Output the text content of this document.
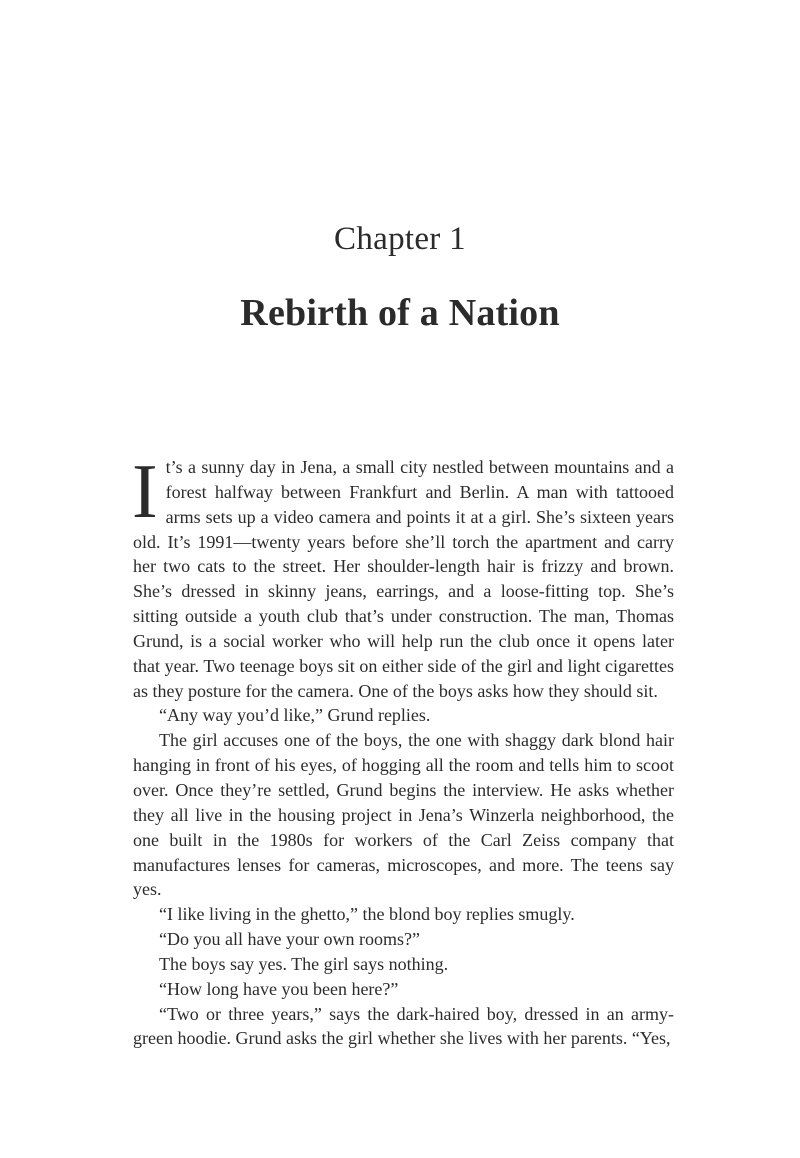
Chapter 1
Rebirth of a Nation

It’s a sunny day in Jena, a small city nestled between mountains and a forest halfway between Frankfurt and Berlin. A man with tattooed arms sets up a video camera and points it at a girl. She’s sixteen years old. It’s 1991—twenty years before she’ll torch the apartment and carry her two cats to the street. Her shoulder-length hair is frizzy and brown. She’s dressed in skinny jeans, earrings, and a loose-fitting top. She’s sitting outside a youth club that’s under construction. The man, Thomas Grund, is a social worker who will help run the club once it opens later that year. Two teenage boys sit on either side of the girl and light cigarettes as they posture for the camera. One of the boys asks how they should sit.

“Any way you’d like,” Grund replies.

The girl accuses one of the boys, the one with shaggy dark blond hair hanging in front of his eyes, of hogging all the room and tells him to scoot over. Once they’re settled, Grund begins the interview. He asks whether they all live in the housing project in Jena’s Winzerla neighborhood, the one built in the 1980s for workers of the Carl Zeiss company that manufactures lenses for cameras, microscopes, and more. The teens say yes.

“I like living in the ghetto,” the blond boy replies smugly.

“Do you all have your own rooms?”

The boys say yes. The girl says nothing.

“How long have you been here?”

“Two or three years,” says the dark-haired boy, dressed in an army-green hoodie. Grund asks the girl whether she lives with her parents. “Yes,
